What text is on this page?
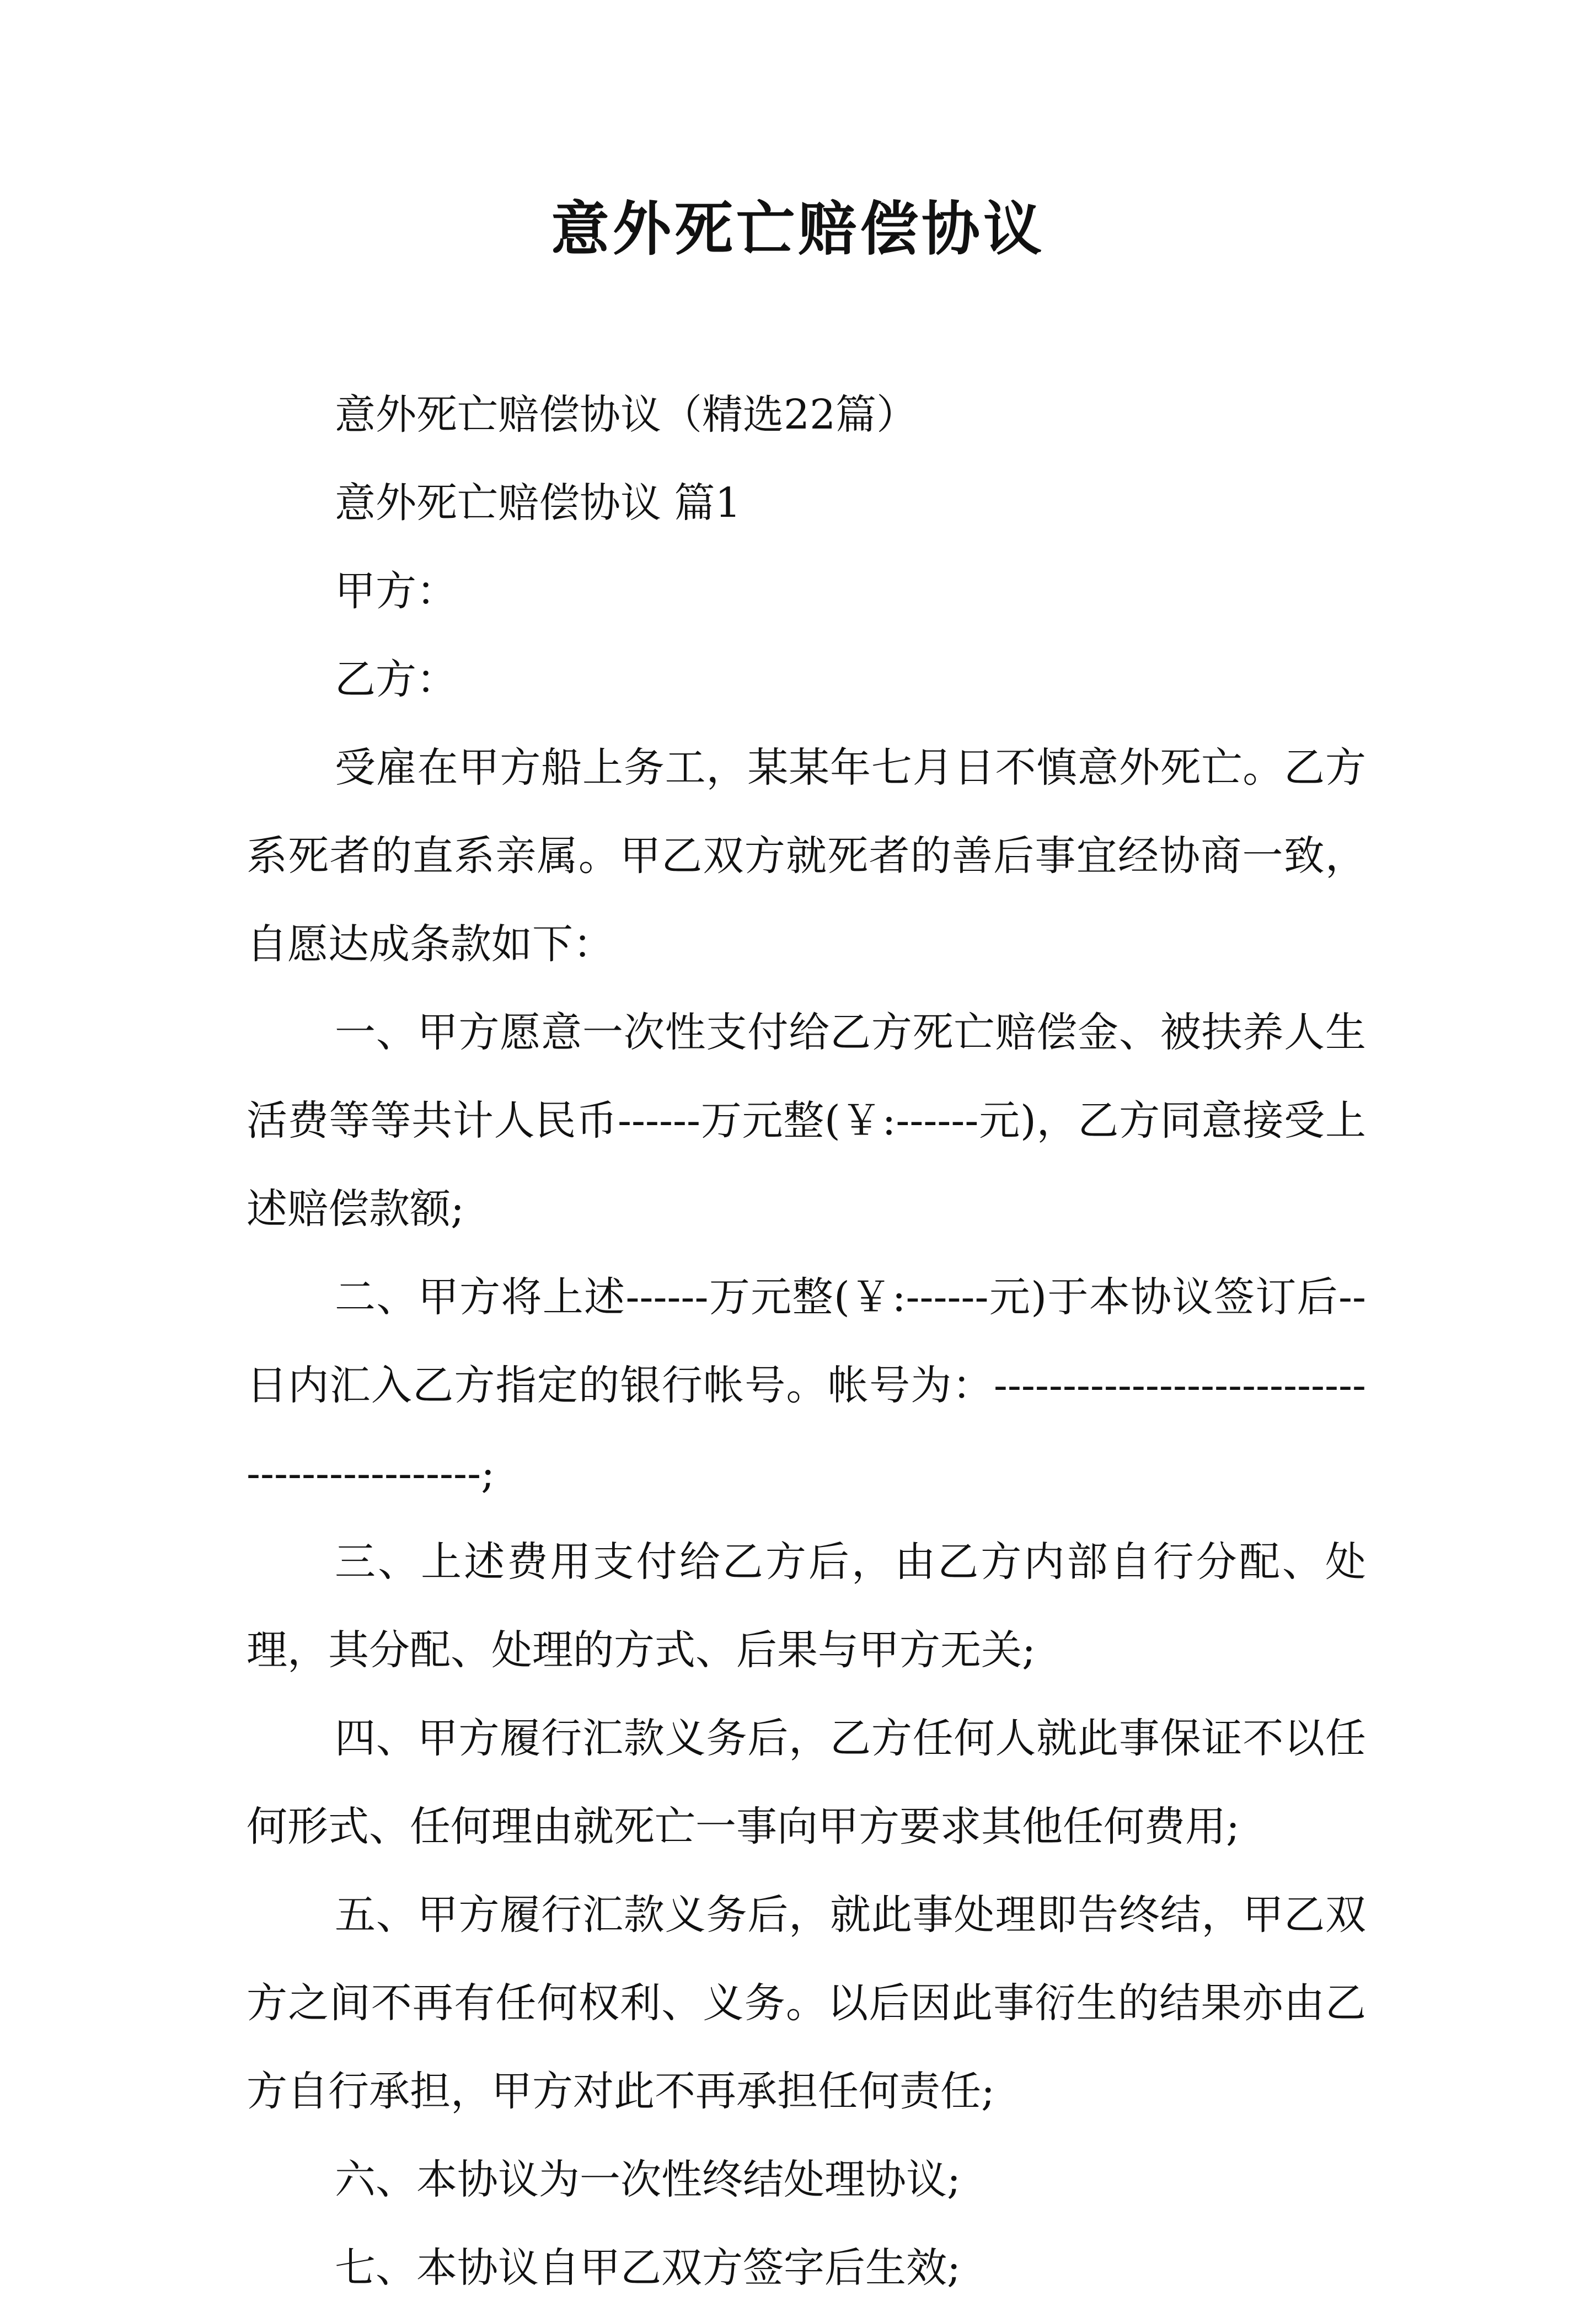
意外死亡赔偿协议

意外死亡赔偿协议（精选22篇）

意外死亡赔偿协议 篇1

甲方：

乙方：

受雇在甲方船上务工，某某年七月日不慎意外死亡。乙方系死者的直系亲属。甲乙双方就死者的善后事宜经协商一致，自愿达成条款如下：

一、甲方愿意一次性支付给乙方死亡赔偿金、被扶养人生活费等等共计人民币------万元整(￥:------元)，乙方同意接受上述赔偿款额;

二、甲方将上述------万元整(￥:------元)于本协议签订后--日内汇入乙方指定的银行帐号。帐号为：--------------------------------------------;

三、上述费用支付给乙方后，由乙方内部自行分配、处理，其分配、处理的方式、后果与甲方无关;

四、甲方履行汇款义务后，乙方任何人就此事保证不以任何形式、任何理由就死亡一事向甲方要求其他任何费用;

五、甲方履行汇款义务后，就此事处理即告终结，甲乙双方之间不再有任何权利、义务。以后因此事衍生的结果亦由乙方自行承担，甲方对此不再承担任何责任;

六、本协议为一次性终结处理协议;

七、本协议自甲乙双方签字后生效;
